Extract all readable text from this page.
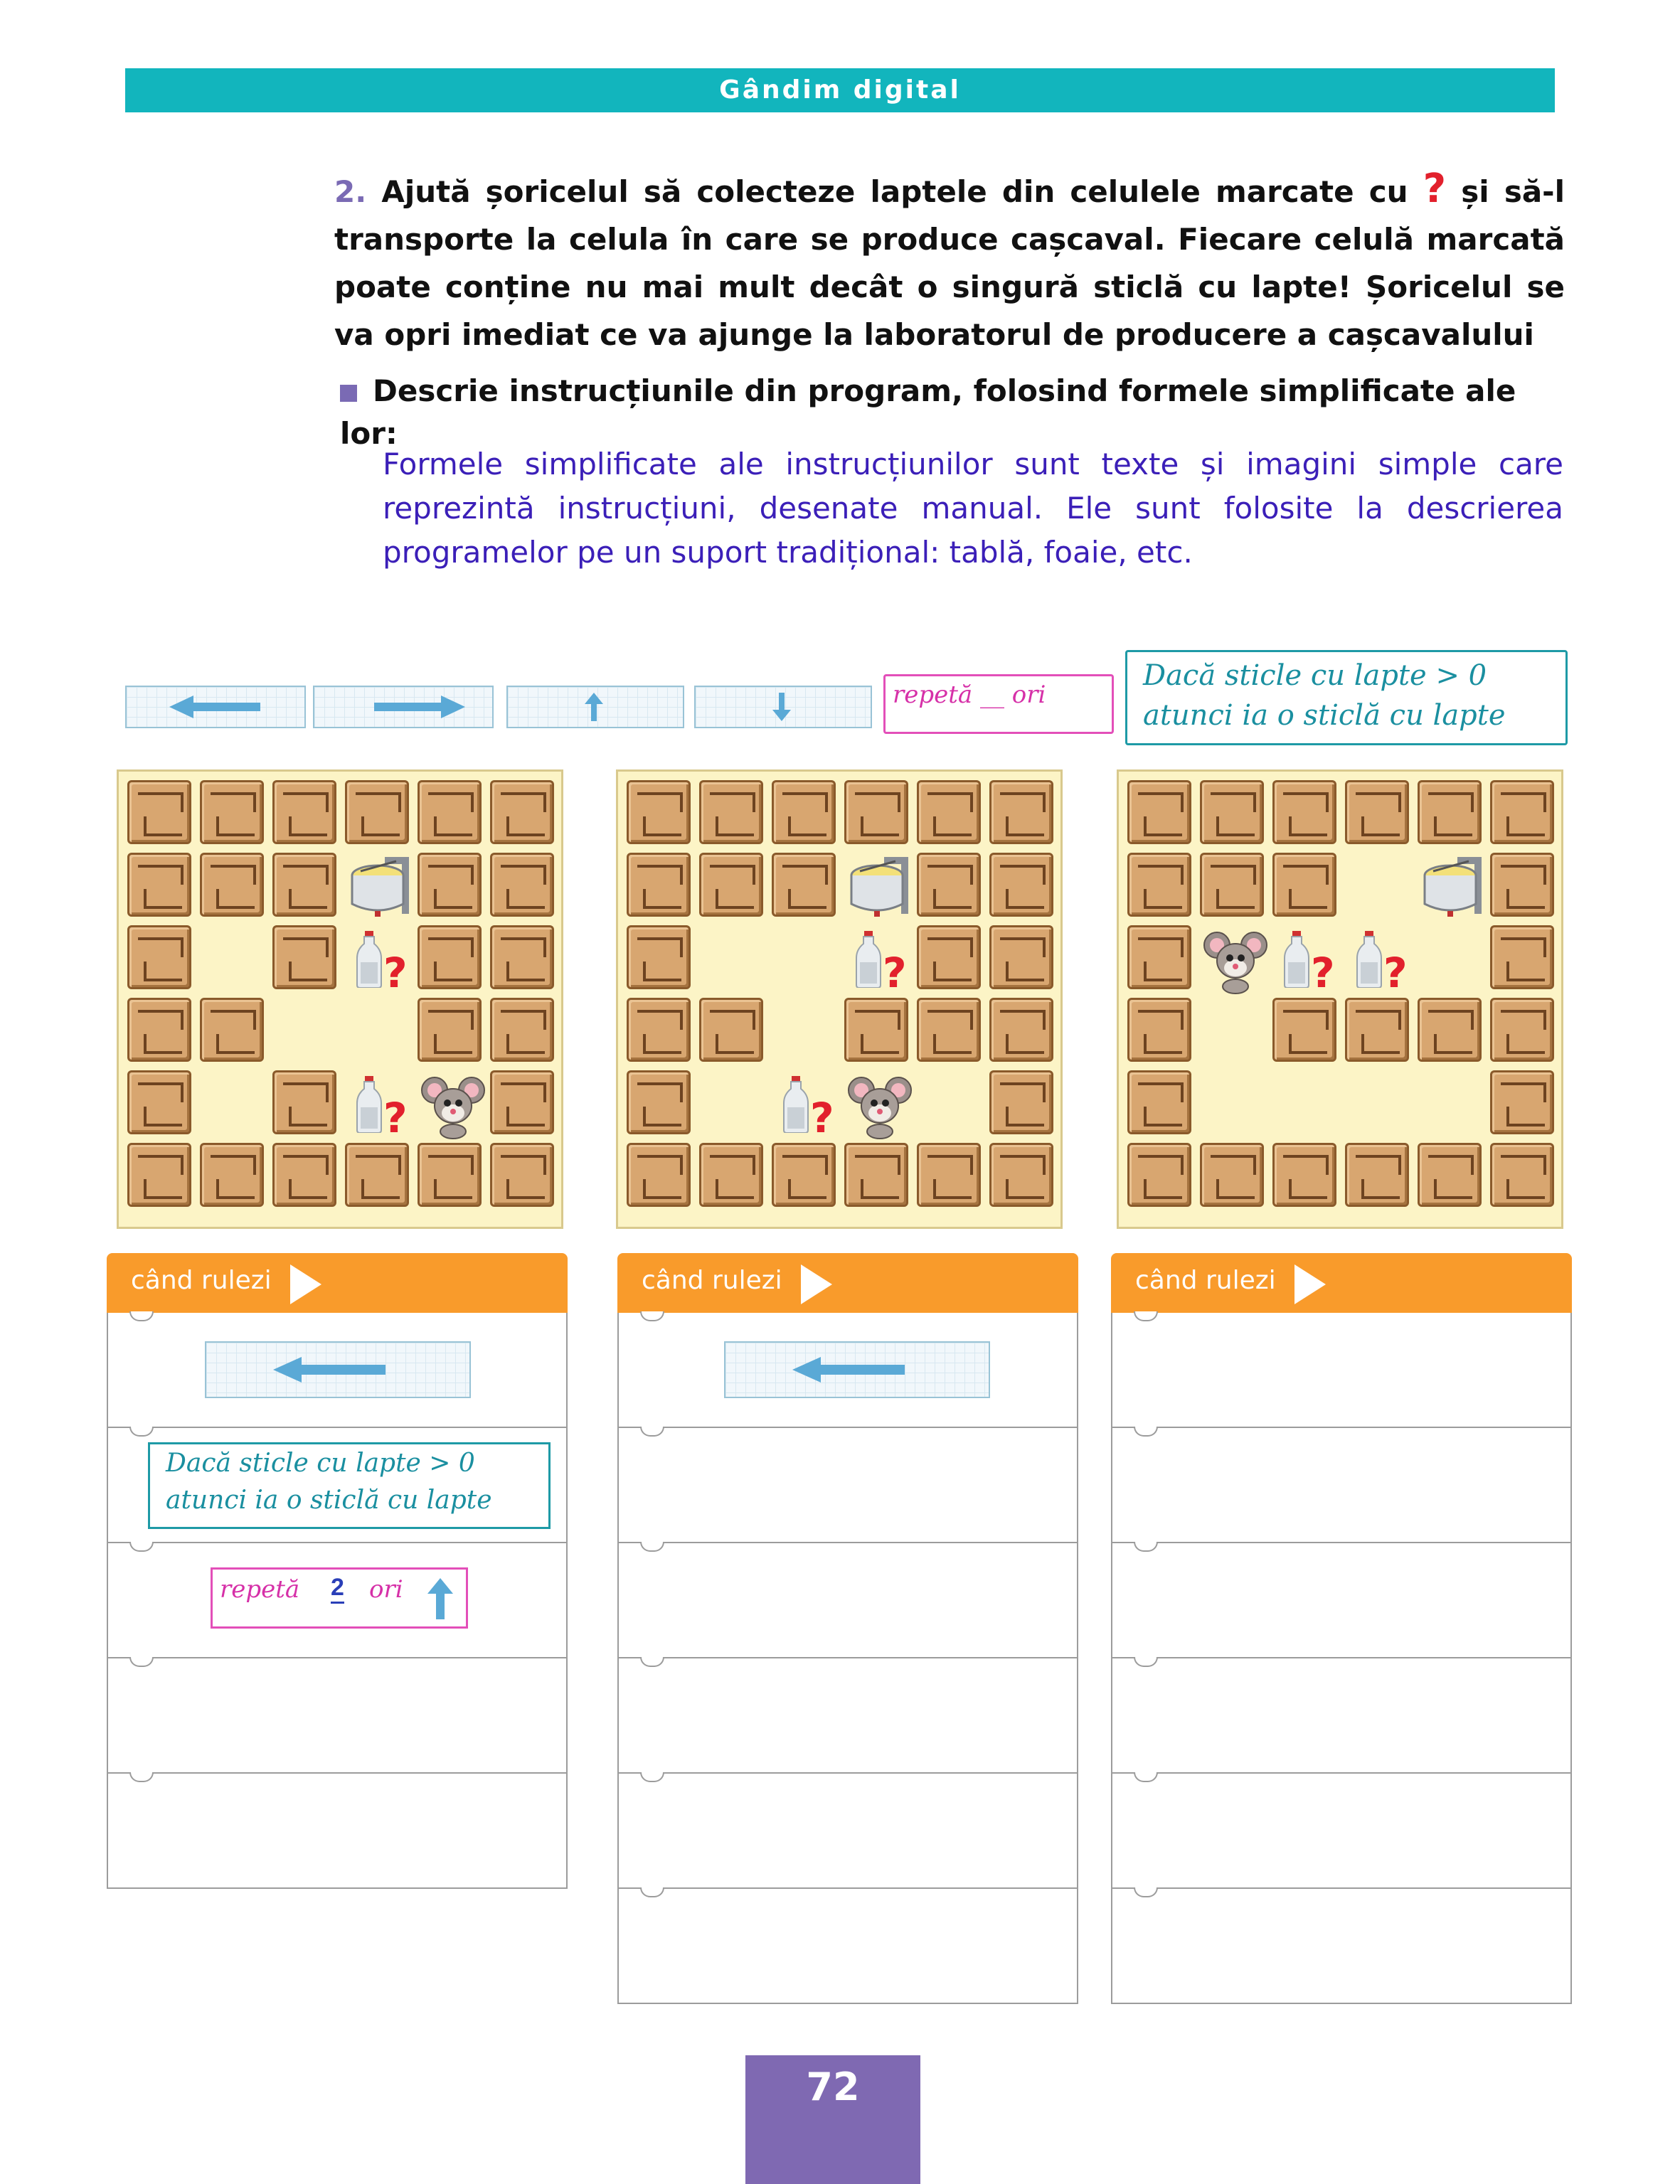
Gândim digital
2. Ajută șoricelul să colecteze laptele din celulele marcate cu ? și să-l transporte la celula în care se produce cașcaval. Fiecare celulă marcată poate conține nu mai mult decât o singură sticlă cu lapte! Șoricelul se va opri imediat ce va ajunge la laboratorul de producere a cașcavalului
Descrie instrucțiunile din program, folosind formele simplificate ale lor:
Formele simplificate ale instrucțiunilor sunt texte și imagini simple care reprezintă instrucțiuni, desenate manual. Ele sunt folosite la descrierea programelor pe un suport tradițional: tablă, foaie, etc.
repetă __ ori
Dacă sticle cu lapte > 0
atunci ia o sticlă cu lapte
?
?
?
?
? ?
când rulezi
Dacă sticle cu lapte > 0
atunci ia o sticlă cu lapte
repetă 2 ori
când rulezi	când rulezi
72
